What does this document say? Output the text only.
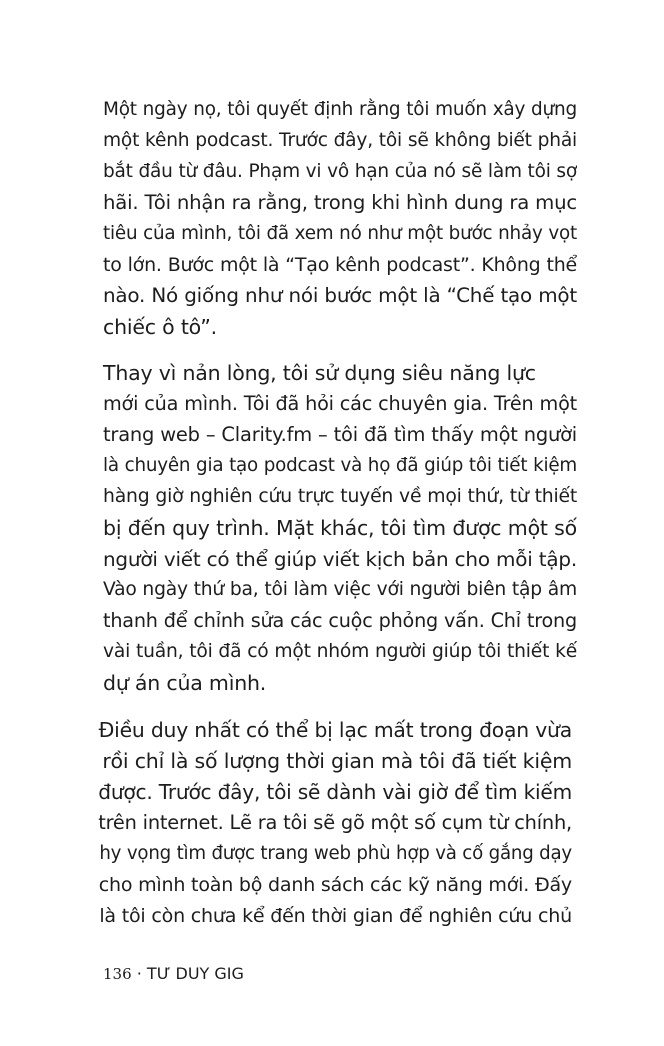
Một ngày nọ, tôi quyết định rằng tôi muốn xây dựng
một kênh podcast. Trước đây, tôi sẽ không biết phải
bắt đầu từ đâu. Phạm vi vô hạn của nó sẽ làm tôi sợ
hãi. Tôi nhận ra rằng, trong khi hình dung ra mục
tiêu của mình, tôi đã xem nó như một bước nhảy vọt
to lớn. Bước một là “Tạo kênh podcast”. Không thể
nào. Nó giống như nói bước một là “Chế tạo một
chiếc ô tô”.
Thay vì nản lòng, tôi sử dụng siêu năng lực
mới của mình. Tôi đã hỏi các chuyên gia. Trên một
trang web – Clarity.fm – tôi đã tìm thấy một người
là chuyên gia tạo podcast và họ đã giúp tôi tiết kiệm
hàng giờ nghiên cứu trực tuyến về mọi thứ, từ thiết
bị đến quy trình. Mặt khác, tôi tìm được một số
người viết có thể giúp viết kịch bản cho mỗi tập.
Vào ngày thứ ba, tôi làm việc với người biên tập âm
thanh để chỉnh sửa các cuộc phỏng vấn. Chỉ trong
vài tuần, tôi đã có một nhóm người giúp tôi thiết kế
dự án của mình.
Điều duy nhất có thể bị lạc mất trong đoạn vừa
rồi chỉ là số lượng thời gian mà tôi đã tiết kiệm
được. Trước đây, tôi sẽ dành vài giờ để tìm kiếm
trên internet. Lẽ ra tôi sẽ gõ một số cụm từ chính,
hy vọng tìm được trang web phù hợp và cố gắng dạy
cho mình toàn bộ danh sách các kỹ năng mới. Đấy
là tôi còn chưa kể đến thời gian để nghiên cứu chủ
136 · TƯ DUY GIG
